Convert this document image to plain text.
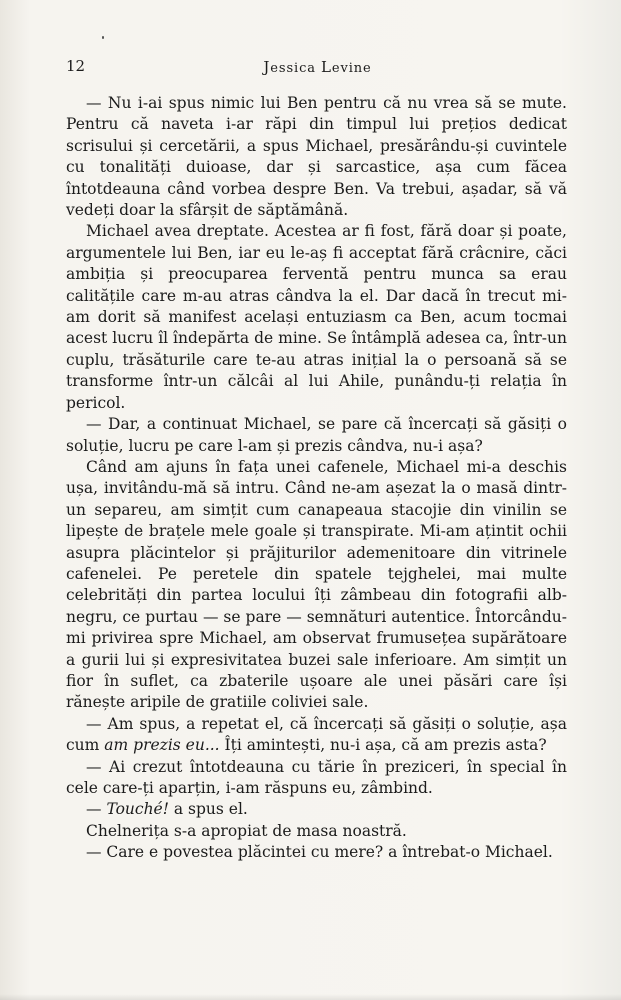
12	Jessica Levine

— Nu i-ai spus nimic lui Ben pentru că nu vrea să se mute. Pentru că naveta i-ar răpi din timpul lui prețios dedicat scrisului și cercetării, a spus Michael, presărându-și cuvintele cu tonalități duioase, dar și sarcastice, așa cum făcea întotdeauna când vorbea despre Ben. Va trebui, așadar, să vă vedeți doar la sfârșit de săptămână.

Michael avea dreptate. Acestea ar fi fost, fără doar și poate, argumentele lui Ben, iar eu le-aș fi acceptat fără crâcnire, căci ambiția și preocuparea ferventă pentru munca sa erau calitățile care m-au atras cândva la el. Dar dacă în trecut mi-am dorit să manifest același entuziasm ca Ben, acum tocmai acest lucru îl îndepărta de mine. Se întâmplă adesea ca, într-un cuplu, trăsăturile care te-au atras inițial la o persoană să se transforme într-un călcâi al lui Ahile, punându-ți relația în pericol.

— Dar, a continuat Michael, se pare că încercați să găsiți o soluție, lucru pe care l-am și prezis cândva, nu-i așa?

Când am ajuns în fața unei cafenele, Michael mi-a deschis ușa, invitându-mă să intru. Când ne-am așezat la o masă dintr-un separeu, am simțit cum canapeaua stacojie din vinilin se lipește de brațele mele goale și transpirate. Mi-am ațintit ochii asupra plăcintelor și prăjiturilor ademenitoare din vitrinele cafenelei. Pe peretele din spatele tejghelei, mai multe celebrități din partea locului îți zâmbeau din fotografii alb-negru, ce purtau — se pare — semnături autentice. Întorcându-mi privirea spre Michael, am observat frumusețea supărătoare a gurii lui și expresivitatea buzei sale inferioare. Am simțit un fior în suflet, ca zbaterile ușoare ale unei păsări care își rănește aripile de gratiile coliviei sale.

— Am spus, a repetat el, că încercați să găsiți o soluție, așa cum am prezis eu... Îți amintești, nu-i așa, că am prezis asta?

— Ai crezut întotdeauna cu tărie în preziceri, în special în cele care-ți aparțin, i-am răspuns eu, zâmbind.

— Touché! a spus el.

Chelnerița s-a apropiat de masa noastră.

— Care e povestea plăcintei cu mere? a întrebat-o Michael.
